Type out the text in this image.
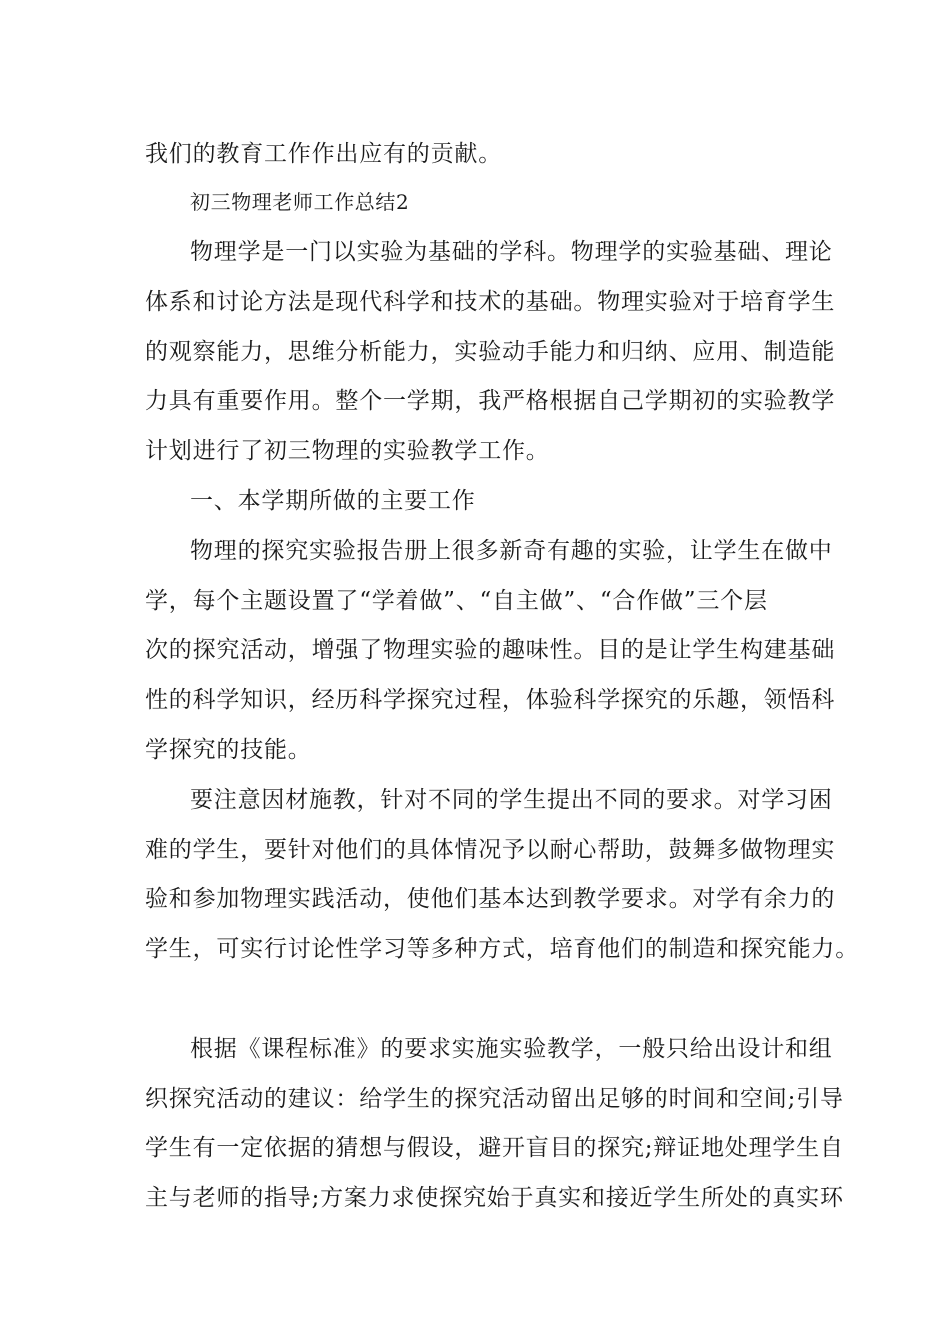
我们的教育工作作出应有的贡献。

初三物理老师工作总结2

物理学是一门以实验为基础的学科。物理学的实验基础、理论

体系和讨论方法是现代科学和技术的基础。物理实验对于培育学生

的观察能力，思维分析能力，实验动手能力和归纳、应用、制造能

力具有重要作用。整个一学期，我严格根据自己学期初的实验教学

计划进行了初三物理的实验教学工作。

一、本学期所做的主要工作

物理的探究实验报告册上很多新奇有趣的实验，让学生在做中

学，每个主题设置了“学着做”、“自主做”、“合作做”三个层

次的探究活动，增强了物理实验的趣味性。目的是让学生构建基础

性的科学知识，经历科学探究过程，体验科学探究的乐趣，领悟科

学探究的技能。

要注意因材施教，针对不同的学生提出不同的要求。对学习困

难的学生，要针对他们的具体情况予以耐心帮助，鼓舞多做物理实

验和参加物理实践活动，使他们基本达到教学要求。对学有余力的

学生，可实行讨论性学习等多种方式，培育他们的制造和探究能力。

根据《课程标准》的要求实施实验教学，一般只给出设计和组

织探究活动的建议：给学生的探究活动留出足够的时间和空间;引导

学生有一定依据的猜想与假设，避开盲目的探究;辩证地处理学生自

主与老师的指导;方案力求使探究始于真实和接近学生所处的真实环
